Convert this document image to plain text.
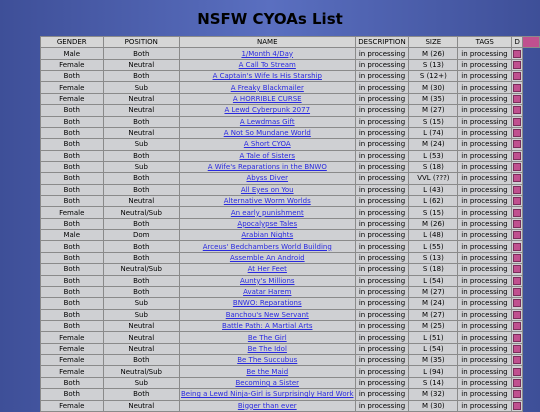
NSFW CYOAs List
GENDER	POSITION	NAME	DESCRIPTION	SIZE	TAGS	D	
Male	Both	1/Month 4/Day	in processing	M (26)	in processing	

Female	Neutral	A Call To Stream	in processing	S (13)	in processing	

Both	Both	A Captain's Wife Is His Starship	in processing	S (12+)	in processing	

Female	Sub	A Freaky Blackmailer	in processing	M (30)	in processing	

Female	Neutral	A HORRIBLE CURSE	in processing	M (35)	in processing	

Both	Neutral	A Lewd Cyberpunk 2077	in processing	M (27)	in processing	

Both	Both	A Lewdmas Gift	in processing	S (15)	in processing	

Both	Neutral	A Not So Mundane World	in processing	L (74)	in processing	

Both	Sub	A Short CYOA	in processing	M (24)	in processing	

Both	Both	A Tale of Sisters	in processing	L (53)	in processing	

Both	Sub	A Wife's Reparations in the BNWO	in processing	S (18)	in processing	

Both	Both	Abyss Diver	in processing	VVL (???)	in processing	

Both	Both	All Eyes on You	in processing	L (43)	in processing	

Both	Neutral	Alternative Worm Worlds	in processing	L (62)	in processing	

Female	Neutral/Sub	An early punishment	in processing	S (15)	in processing	

Both	Both	Apocalypse Tales	in processing	M (26)	in processing	

Male	Dom	Arabian Nights	in processing	L (48)	in processing	

Both	Both	Arceus' Bedchambers World Building	in processing	L (55)	in processing	

Both	Both	Assemble An Android	in processing	S (13)	in processing	

Both	Neutral/Sub	At Her Feet	in processing	S (18)	in processing	

Both	Both	Aunty's Millions	in processing	L (54)	in processing	

Both	Both	Avatar Harem	in processing	M (27)	in processing	

Both	Sub	BNWO: Reparations	in processing	M (24)	in processing	

Both	Sub	Banchou's New Servant	in processing	M (27)	in processing	

Both	Neutral	Battle Path: A Martial Arts	in processing	M (25)	in processing	

Female	Neutral	Be The Girl	in processing	L (51)	in processing	

Female	Neutral	Be The Idol	in processing	L (54)	in processing	

Female	Both	Be The Succubus	in processing	M (35)	in processing	

Female	Neutral/Sub	Be the Maid	in processing	L (94)	in processing	

Both	Sub	Becoming a Sister	in processing	S (14)	in processing	

Both	Both	Being a Lewd Ninja-Girl is Surprisingly Hard Work	in processing	M (32)	in processing	

Female	Neutral	Bigger than ever	in processing	M (30)	in processing	
